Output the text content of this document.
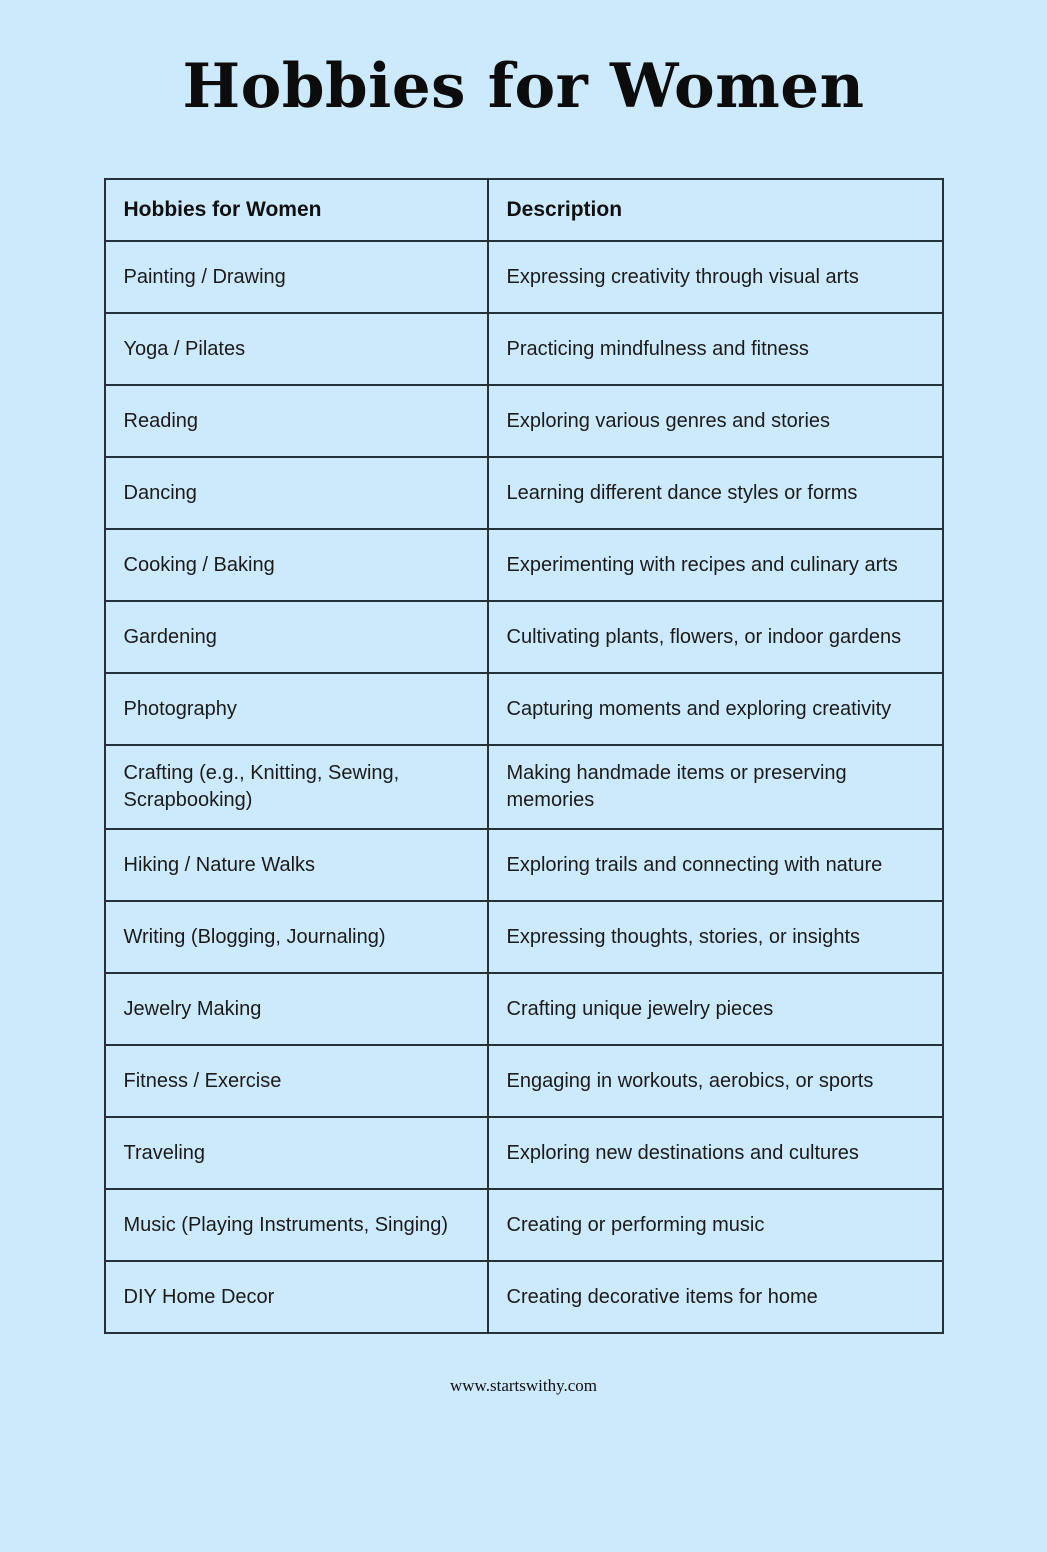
Hobbies for Women
Hobbies for Women	Description
Painting / Drawing	Expressing creativity through visual arts
Yoga / Pilates	Practicing mindfulness and fitness
Reading	Exploring various genres and stories
Dancing	Learning different dance styles or forms
Cooking / Baking	Experimenting with recipes and culinary arts
Gardening	Cultivating plants, flowers, or indoor gardens
Photography	Capturing moments and exploring creativity
Crafting (e.g., Knitting, Sewing, Scrapbooking)	Making handmade items or preserving memories
Hiking / Nature Walks	Exploring trails and connecting with nature
Writing (Blogging, Journaling)	Expressing thoughts, stories, or insights
Jewelry Making	Crafting unique jewelry pieces
Fitness / Exercise	Engaging in workouts, aerobics, or sports
Traveling	Exploring new destinations and cultures
Music (Playing Instruments, Singing)	Creating or performing music
DIY Home Decor	Creating decorative items for home
www.startswithy.com
